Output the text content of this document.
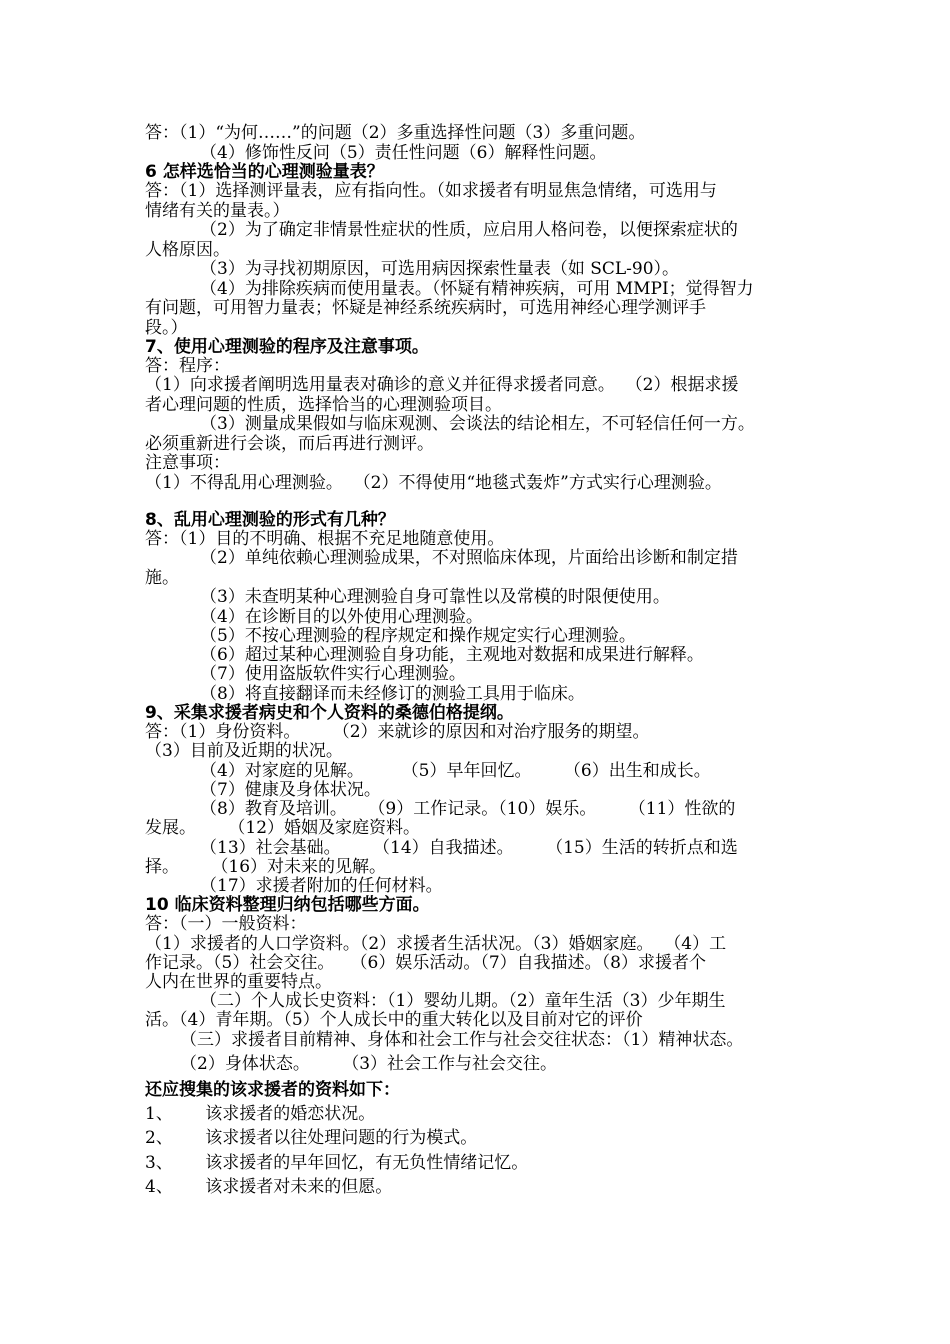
答：（1）“为何……”的问题（2）多重选择性问题（3）多重问题。

（4）修饰性反问（5）责任性问题（6）解释性问题。

6 怎样选恰当的心理测验量表？

答：（1）选择测评量表，应有指向性。（如求援者有明显焦急情绪，可选用与

情绪有关的量表。）

（2）为了确定非情景性症状的性质，应启用人格问卷，以便探索症状的

人格原因。

（3）为寻找初期原因，可选用病因探索性量表（如 SCL-90）。

（4）为排除疾病而使用量表。（怀疑有精神疾病，可用 MMPI；觉得智力

有问题，可用智力量表；怀疑是神经系统疾病时，可选用神经心理学测评手

段。）

7、使用心理测验的程序及注意事项。

答：程序：

（1）向求援者阐明选用量表对确诊的意义并征得求援者同意。  （2）根据求援

者心理问题的性质，选择恰当的心理测验项目。

（3）测量成果假如与临床观测、会谈法的结论相左，不可轻信任何一方。

必须重新进行会谈，而后再进行测评。

注意事项：

（1）不得乱用心理测验。  （2）不得使用“地毯式轰炸”方式实行心理测验。

8、乱用心理测验的形式有几种？

答：（1）目的不明确、根据不充足地随意使用。

（2）单纯依赖心理测验成果，不对照临床体现，片面给出诊断和制定措

施。

（3）未查明某种心理测验自身可靠性以及常模的时限便使用。

（4）在诊断目的以外使用心理测验。

（5）不按心理测验的程序规定和操作规定实行心理测验。

（6）超过某种心理测验自身功能，主观地对数据和成果进行解释。

（7）使用盗版软件实行心理测验。

（8）将直接翻译而未经修订的测验工具用于临床。

9、采集求援者病史和个人资料的桑德伯格提纲。

答：（1）身份资料。      （2）来就诊的原因和对治疗服务的期望。

（3）目前及近期的状况。

（4）对家庭的见解。       （5）早年回忆。      （6）出生和成长。

（7）健康及身体状况。

（8）教育及培训。    （9）工作记录。（10）娱乐。      （11）性欲的

发展。      （12）婚姻及家庭资料。

（13）社会基础。      （14）自我描述。      （15）生活的转折点和选

择。      （16）对未来的见解。

（17）求援者附加的任何材料。

10 临床资料整理归纳包括哪些方面。

答：（一）一般资料：

（1）求援者的人口学资料。（2）求援者生活状况。（3）婚姻家庭。  （4）工

作记录。（5）社会交往。   （6）娱乐活动。（7）自我描述。（8）求援者个

人内在世界的重要特点。

（二）个人成长史资料：（1）婴幼儿期。（2）童年生活（3）少年期生

活。（4）青年期。（5）个人成长中的重大转化以及目前对它的评价

（三）求援者目前精神、身体和社会工作与社会交往状态：（1）精神状态。

（2）身体状态。      （3）社会工作与社会交往。

还应搜集的该求援者的资料如下：

1、      该求援者的婚恋状况。

2、      该求援者以往处理问题的行为模式。

3、      该求援者的早年回忆，有无负性情绪记忆。

4、      该求援者对未来的但愿。
